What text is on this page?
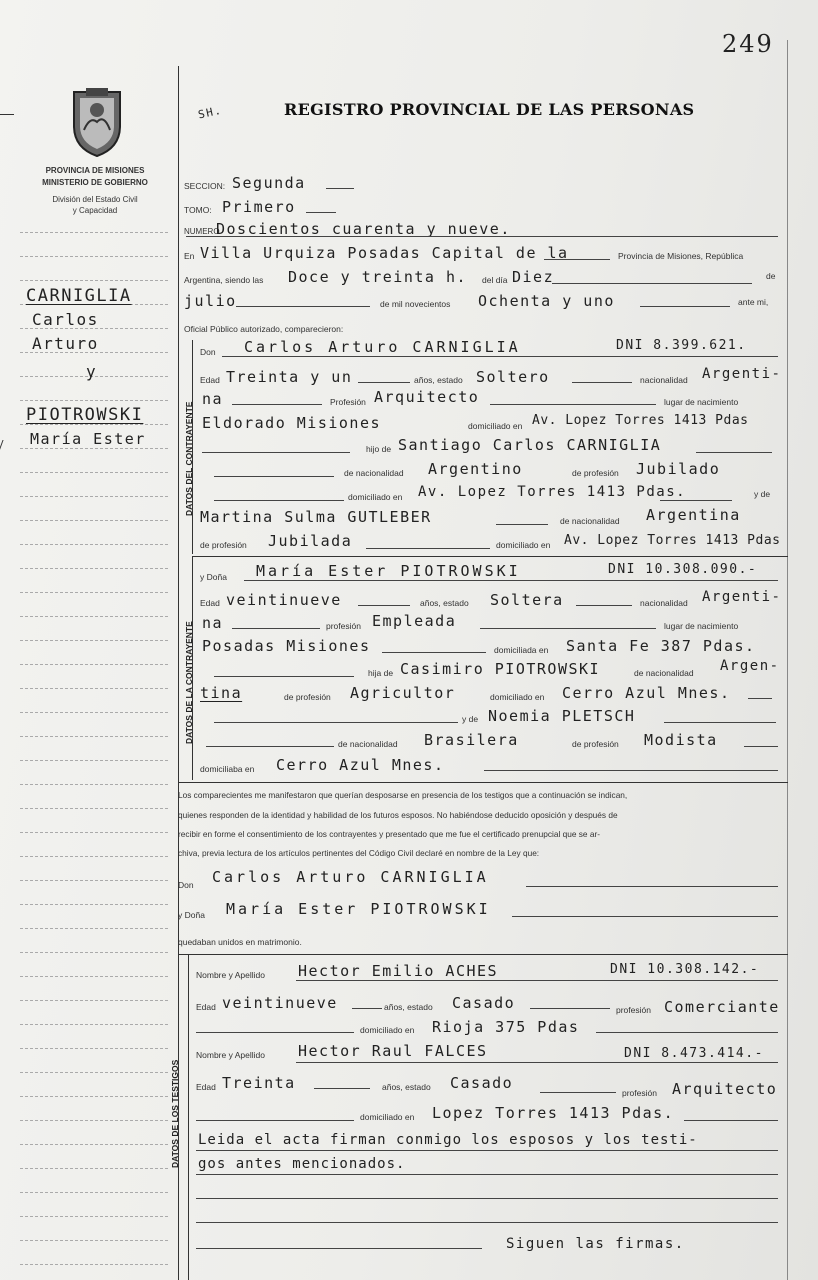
249
PROVINCIA DE MISIONES
MINISTERIO DE GOBIERNO
División del Estado Civil
y Capacidad
CARNIGLIA
Carlos
Arturo
y
PIOTROWSKI
María Ester
SH.	REGISTRO PROVINCIAL DE LAS PERSONAS
SECCION: Segunda
TOMO: Primero
NUMERO
Doscientos cuarenta y nueve.
En Villa Urquiza Posadas Capital de la	Provincia de Misiones, República
Argentina, siendo las Doce y treinta h. del día Diez	de
julio	de mil novecientos Ochenta y uno	ante mi,
Oficial Público autorizado, comparecieron:
DATOS DEL CONTRAYENTE
Don Carlos Arturo CARNIGLIA	DNI 8.399.621.
Edad Treinta y un	años, estado Soltero	nacionalidad Argenti-
na	Profesión Arquitecto	lugar de nacimiento
Eldorado Misiones	domiciliado en Av. Lopez Torres 1413 Pdas
hijo de Santiago Carlos CARNIGLIA
de nacionalidad Argentino	de profesión Jubilado
domiciliado en Av. Lopez Torres 1413 Pdas.	y de
Martina Sulma GUTLEBER	de nacionalidad Argentina
de profesión Jubilada	domiciliado en Av. Lopez Torres 1413 Pdas
DATOS DE LA CONTRAYENTE
y Doña María Ester PIOTROWSKI	DNI 10.308.090.-
Edad veintinueve	años, estado Soltera	nacionalidad Argenti-
na	profesión Empleada	lugar de nacimiento
Posadas Misiones	domiciliada en Santa Fe 387 Pdas.
hija de Casimiro PIOTROWSKI	de nacionalidad Argen-
tina	de profesión Agricultor	domiciliado en Cerro Azul Mnes.
y de Noemia PLETSCH
de nacionalidad Brasilera	de profesión Modista
domiciliaba en Cerro Azul Mnes.
Los comparecientes me manifestaron que querían desposarse en presencia de los testigos que a continuación se indican,
quienes responden de la identidad y habilidad de los futuros esposos. No habiéndose deducido oposición y después de
recibir en forme el consentimiento de los contrayentes y presentado que me fue el certificado prenupcial que se ar-
chiva, previa lectura de los artículos pertinentes del Código Civil declaré en nombre de la Ley que:
Don Carlos Arturo CARNIGLIA
y Doña María Ester PIOTROWSKI
quedaban unidos en matrimonio.
DATOS DE LOS TESTIGOS
Nombre y Apellido Hector Emilio ACHES	DNI 10.308.142.-
Edad veintinueve	años, estado Casado	profesión Comerciante
domiciliado en Rioja 375 Pdas
Nombre y Apellido Hector Raul FALCES	DNI 8.473.414.-
Edad Treinta	años, estado Casado
profesión Arquitecto
domiciliado en Lopez Torres 1413 Pdas.
Leida el acta firman conmigo los esposos y los testi-
gos antes mencionados.
Siguen las firmas.
